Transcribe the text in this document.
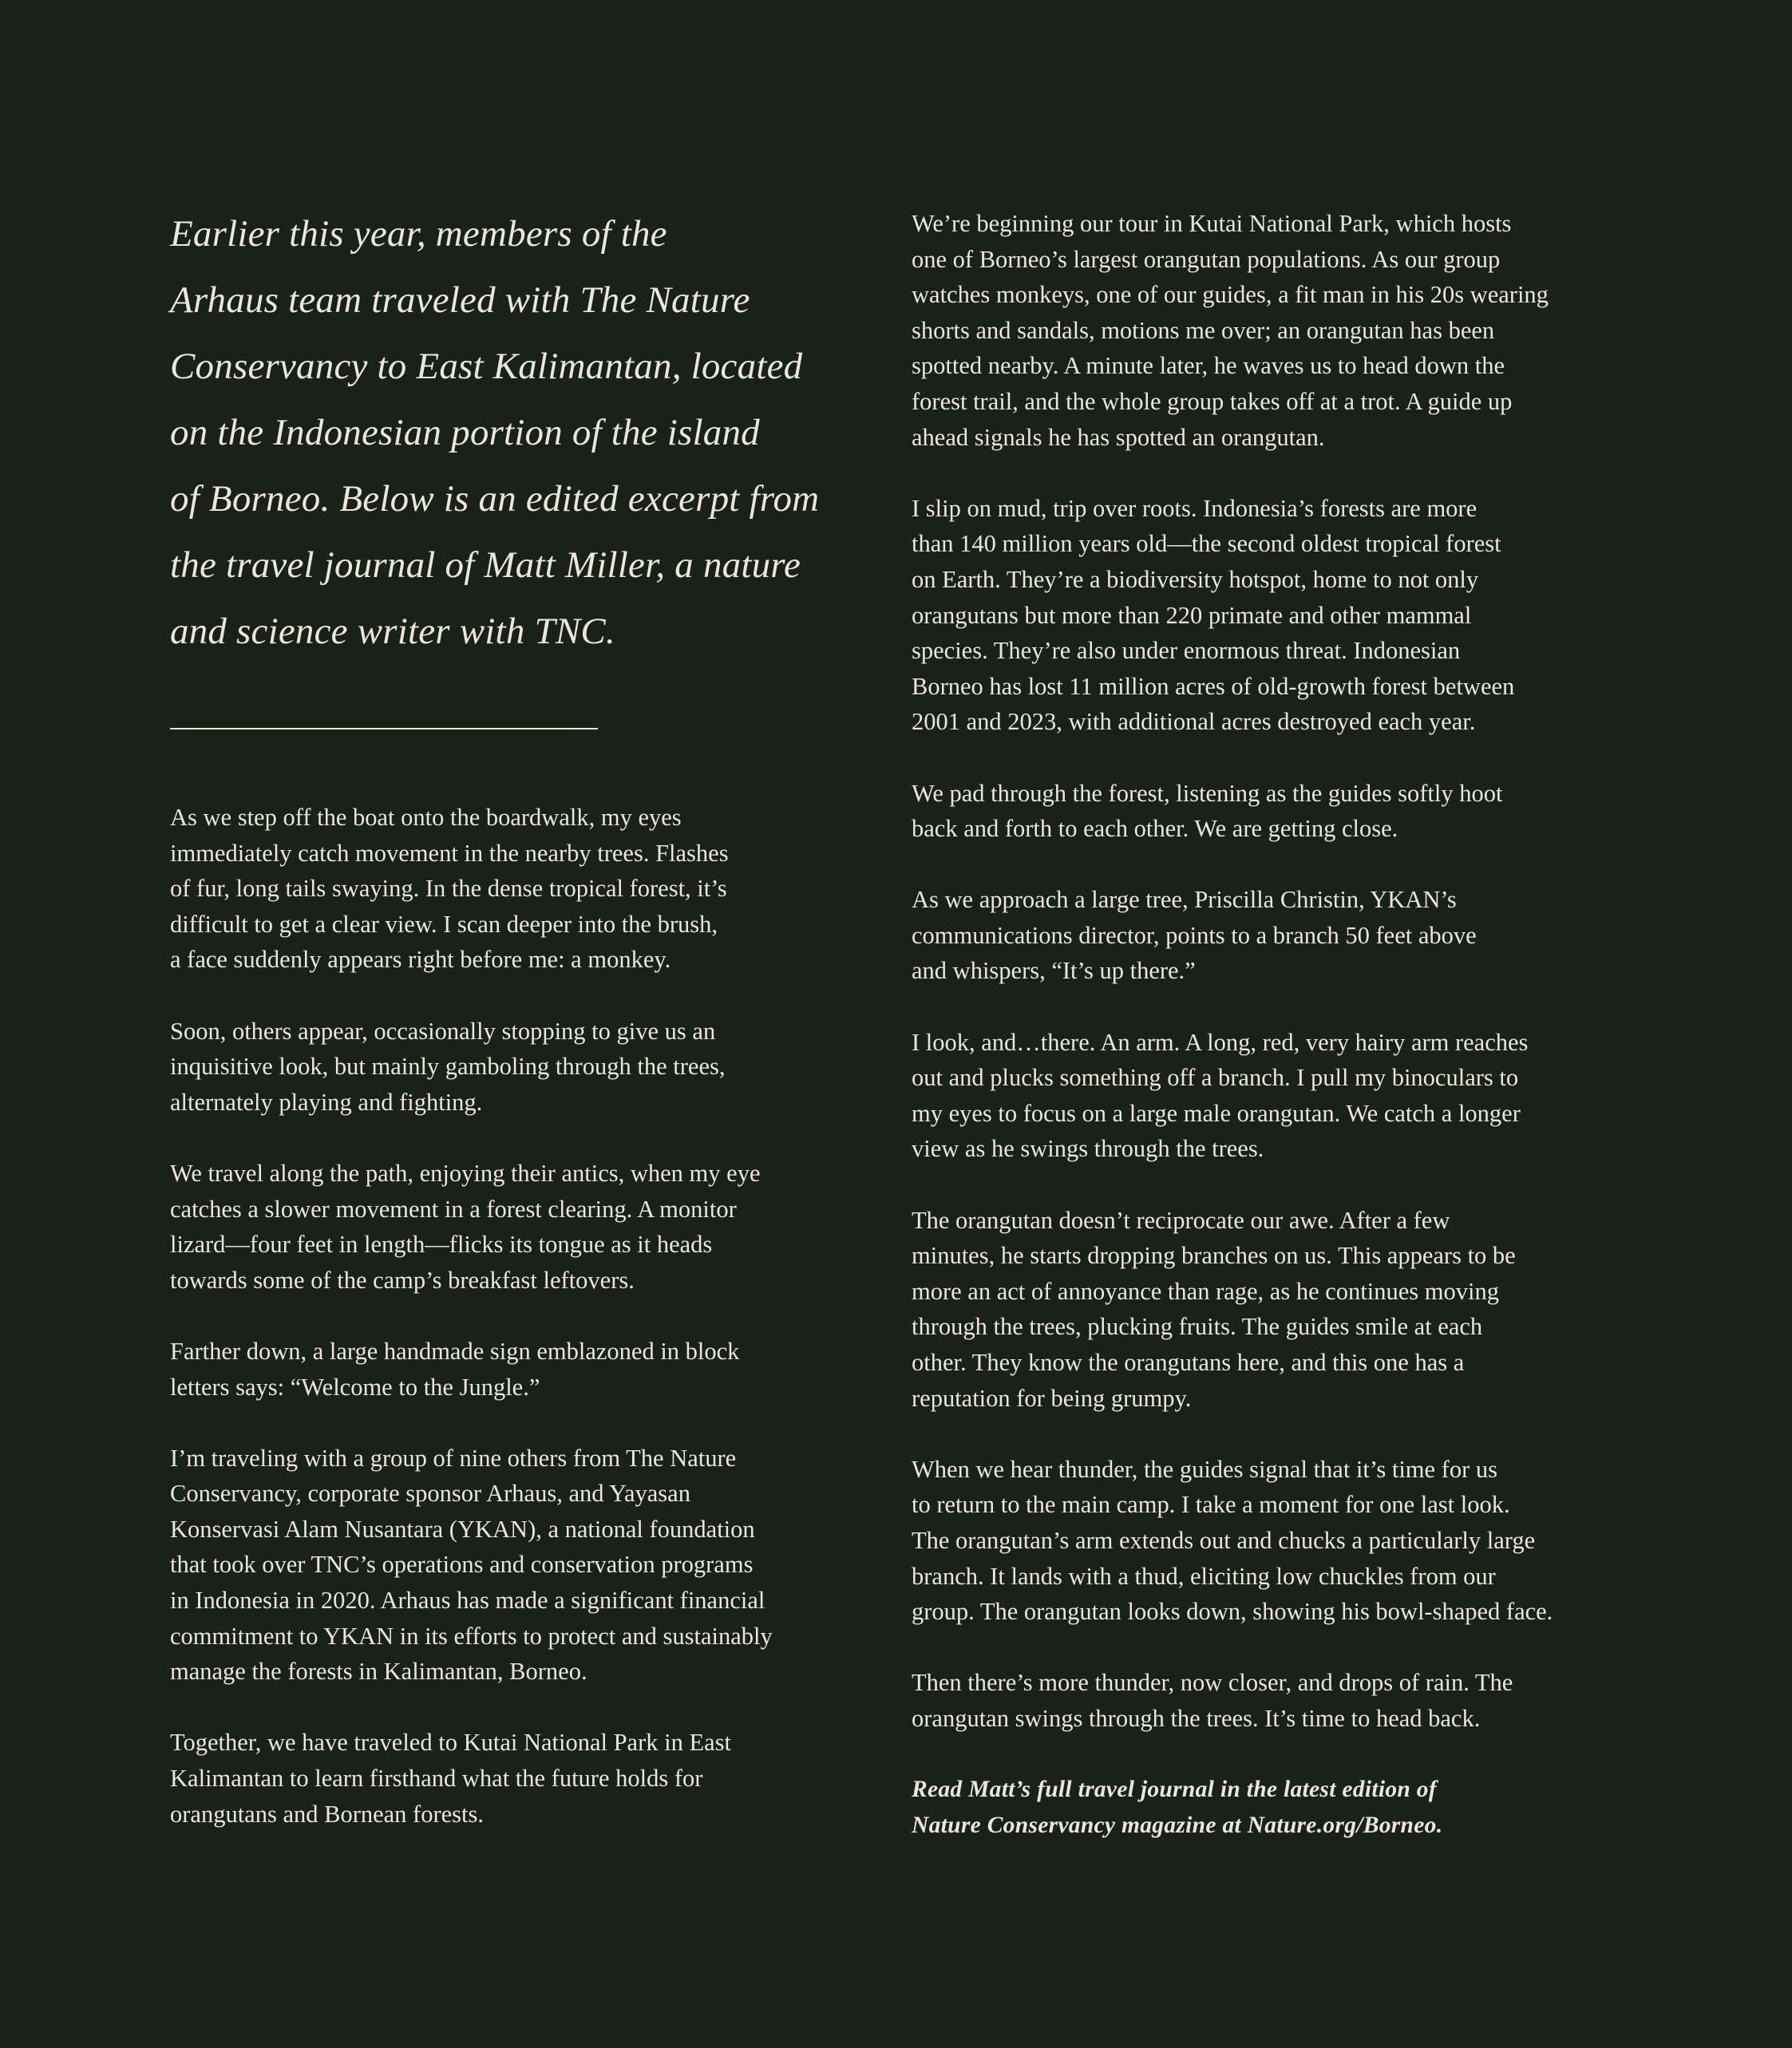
Earlier this year, members of the
Arhaus team traveled with The Nature
Conservancy to East Kalimantan, located
on the Indonesian portion of the island
of Borneo. Below is an edited excerpt from
the travel journal of Matt Miller, a nature
and science writer with TNC.

As we step off the boat onto the boardwalk, my eyes
immediately catch movement in the nearby trees. Flashes
of fur, long tails swaying. In the dense tropical forest, it’s
difficult to get a clear view. I scan deeper into the brush,
a face suddenly appears right before me: a monkey.

Soon, others appear, occasionally stopping to give us an
inquisitive look, but mainly gamboling through the trees,
alternately playing and fighting.

We travel along the path, enjoying their antics, when my eye
catches a slower movement in a forest clearing. A monitor
lizard—four feet in length—flicks its tongue as it heads
towards some of the camp’s breakfast leftovers.

Farther down, a large handmade sign emblazoned in block
letters says: “Welcome to the Jungle.”

I’m traveling with a group of nine others from The Nature
Conservancy, corporate sponsor Arhaus, and Yayasan
Konservasi Alam Nusantara (YKAN), a national foundation
that took over TNC’s operations and conservation programs
in Indonesia in 2020. Arhaus has made a significant financial
commitment to YKAN in its efforts to protect and sustainably
manage the forests in Kalimantan, Borneo.

Together, we have traveled to Kutai National Park in East
Kalimantan to learn firsthand what the future holds for
orangutans and Bornean forests.

We’re beginning our tour in Kutai National Park, which hosts
one of Borneo’s largest orangutan populations. As our group
watches monkeys, one of our guides, a fit man in his 20s wearing
shorts and sandals, motions me over; an orangutan has been
spotted nearby. A minute later, he waves us to head down the
forest trail, and the whole group takes off at a trot. A guide up
ahead signals he has spotted an orangutan.

I slip on mud, trip over roots. Indonesia’s forests are more
than 140 million years old—the second oldest tropical forest
on Earth. They’re a biodiversity hotspot, home to not only
orangutans but more than 220 primate and other mammal
species. They’re also under enormous threat. Indonesian
Borneo has lost 11 million acres of old-growth forest between
2001 and 2023, with additional acres destroyed each year.

We pad through the forest, listening as the guides softly hoot
back and forth to each other. We are getting close.

As we approach a large tree, Priscilla Christin, YKAN’s
communications director, points to a branch 50 feet above
and whispers, “It’s up there.”

I look, and…there. An arm. A long, red, very hairy arm reaches
out and plucks something off a branch. I pull my binoculars to
my eyes to focus on a large male orangutan. We catch a longer
view as he swings through the trees.

The orangutan doesn’t reciprocate our awe. After a few
minutes, he starts dropping branches on us. This appears to be
more an act of annoyance than rage, as he continues moving
through the trees, plucking fruits. The guides smile at each
other. They know the orangutans here, and this one has a
reputation for being grumpy.

When we hear thunder, the guides signal that it’s time for us
to return to the main camp. I take a moment for one last look.
The orangutan’s arm extends out and chucks a particularly large
branch. It lands with a thud, eliciting low chuckles from our
group. The orangutan looks down, showing his bowl-shaped face.

Then there’s more thunder, now closer, and drops of rain. The
orangutan swings through the trees. It’s time to head back.

Read Matt’s full travel journal in the latest edition of
Nature Conservancy magazine at Nature.org/Borneo.
